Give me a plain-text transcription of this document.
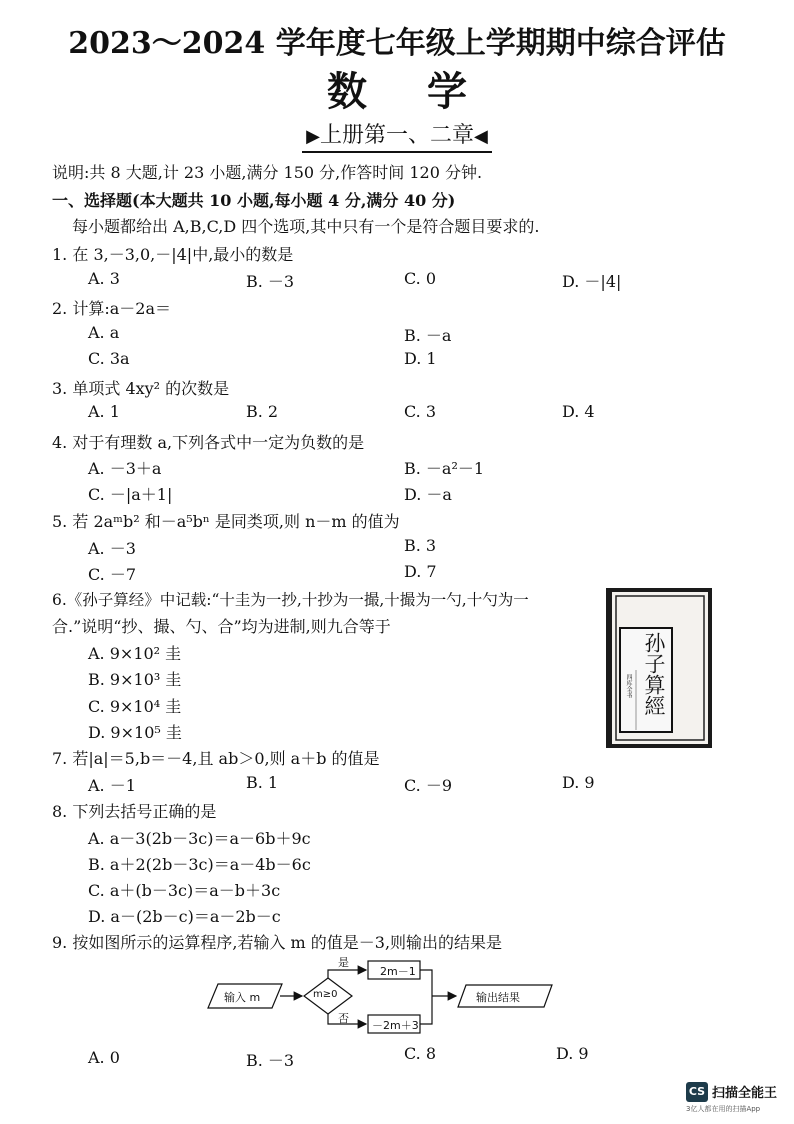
2023～2024 学年度七年级上学期期中综合评估
数学
▶上册第一、二章◀
说明:共 8 大题,计 23 小题,满分 150 分,作答时间 120 分钟.
一、选择题(本大题共 10 小题,每小题 4 分,满分 40 分)
每小题都给出 A,B,C,D 四个选项,其中只有一个是符合题目要求的.
1. 在 3,－3,0,－|4|中,最小的数是
A. 3	B. －3	C. 0	D. －|4|
2. 计算:a－2a＝
A. a	B. －a
C. 3a	D. 1
3. 单项式 4xy² 的次数是
A. 1	B. 2	C. 3	D. 4
4. 对于有理数 a,下列各式中一定为负数的是
A. －3＋a	B. －a²－1
C. －|a＋1|	D. －a
5. 若 2aᵐb² 和－a⁵bⁿ 是同类项,则 n－m 的值为
A. －3	B. 3
C. －7	D. 7
6.《孙子算经》中记载:“十圭为一抄,十抄为一撮,十撮为一勺,十勺为一
合.”说明“抄、撮、勺、合”均为进制,则九合等于
A. 9×10² 圭
B. 9×10³ 圭
C. 9×10⁴ 圭
D. 9×10⁵ 圭
孙子算經
四库全书
7. 若|a|＝5,b＝－4,且 ab＞0,则 a＋b 的值是
A. －1	B. 1	C. －9	D. 9
8. 下列去括号正确的是
A. a－3(2b－3c)＝a－6b＋9c
B. a＋2(2b－3c)＝a－4b－6c
C. a＋(b－3c)＝a－b＋3c
D. a－(2b－c)＝a－2b－c
9. 按如图所示的运算程序,若输入 m 的值是－3,则输出的结果是
输入 m	m≥0
是
否
2m－1
－2m＋3
输出结果
A. 0	B. －3	C. 8	D. 9
CS 扫描全能王
3亿人都在用的扫描App
